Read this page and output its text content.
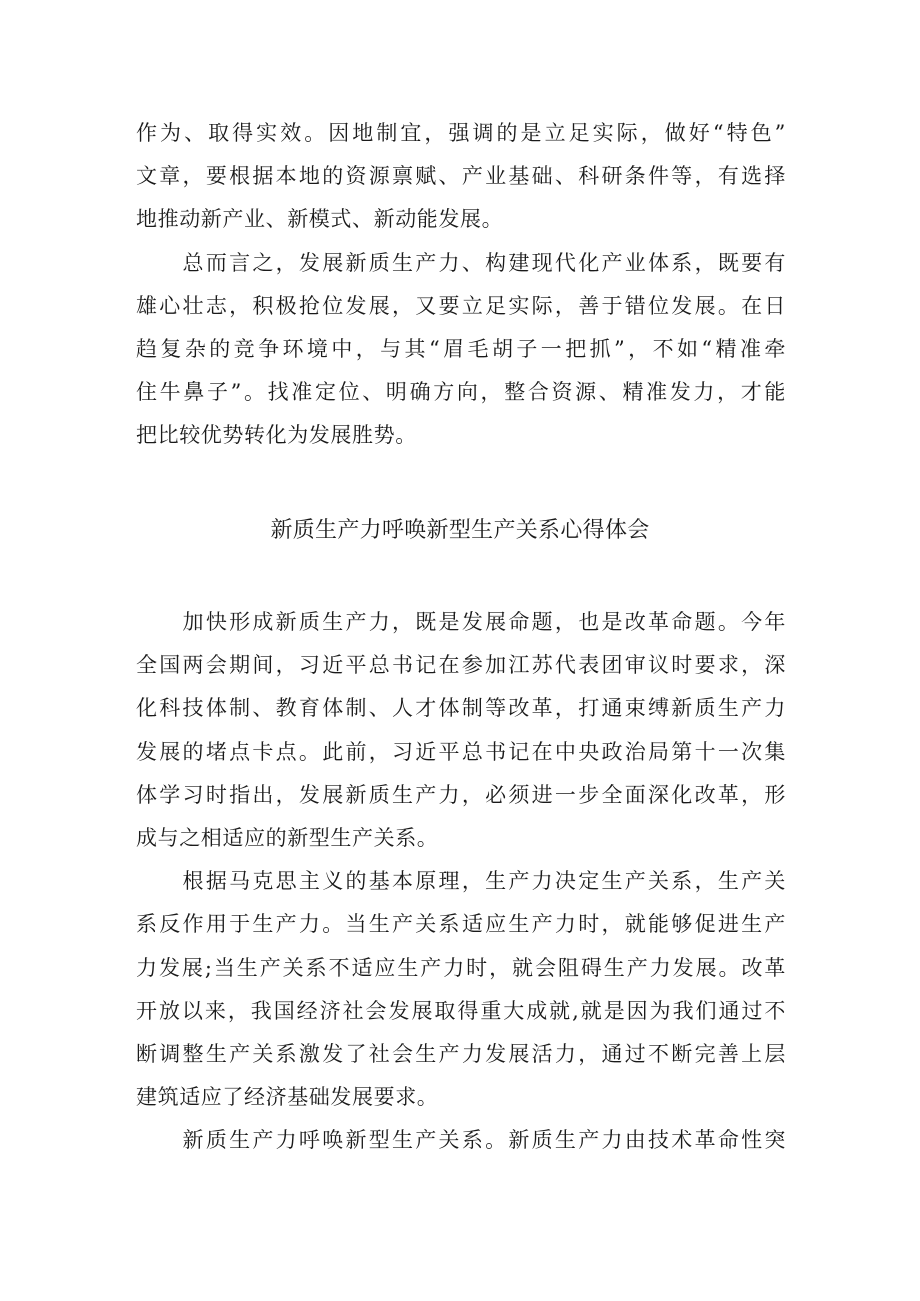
作为、取得实效。因地制宜，强调的是立足实际，做好“特色”
文章，要根据本地的资源禀赋、产业基础、科研条件等，有选择
地推动新产业、新模式、新动能发展。
　　总而言之，发展新质生产力、构建现代化产业体系，既要有
雄心壮志，积极抢位发展，又要立足实际，善于错位发展。在日
趋复杂的竞争环境中，与其“眉毛胡子一把抓”，不如“精准牵
住牛鼻子”。找准定位、明确方向，整合资源、精准发力，才能
把比较优势转化为发展胜势。
新质生产力呼唤新型生产关系心得体会
　　加快形成新质生产力，既是发展命题，也是改革命题。今年
全国两会期间，习近平总书记在参加江苏代表团审议时要求，深
化科技体制、教育体制、人才体制等改革，打通束缚新质生产力
发展的堵点卡点。此前，习近平总书记在中央政治局第十一次集
体学习时指出，发展新质生产力，必须进一步全面深化改革，形
成与之相适应的新型生产关系。
　　根据马克思主义的基本原理，生产力决定生产关系，生产关
系反作用于生产力。当生产关系适应生产力时，就能够促进生产
力发展;当生产关系不适应生产力时，就会阻碍生产力发展。改革
开放以来，我国经济社会发展取得重大成就,就是因为我们通过不
断调整生产关系激发了社会生产力发展活力，通过不断完善上层
建筑适应了经济基础发展要求。
　　新质生产力呼唤新型生产关系。新质生产力由技术革命性突
